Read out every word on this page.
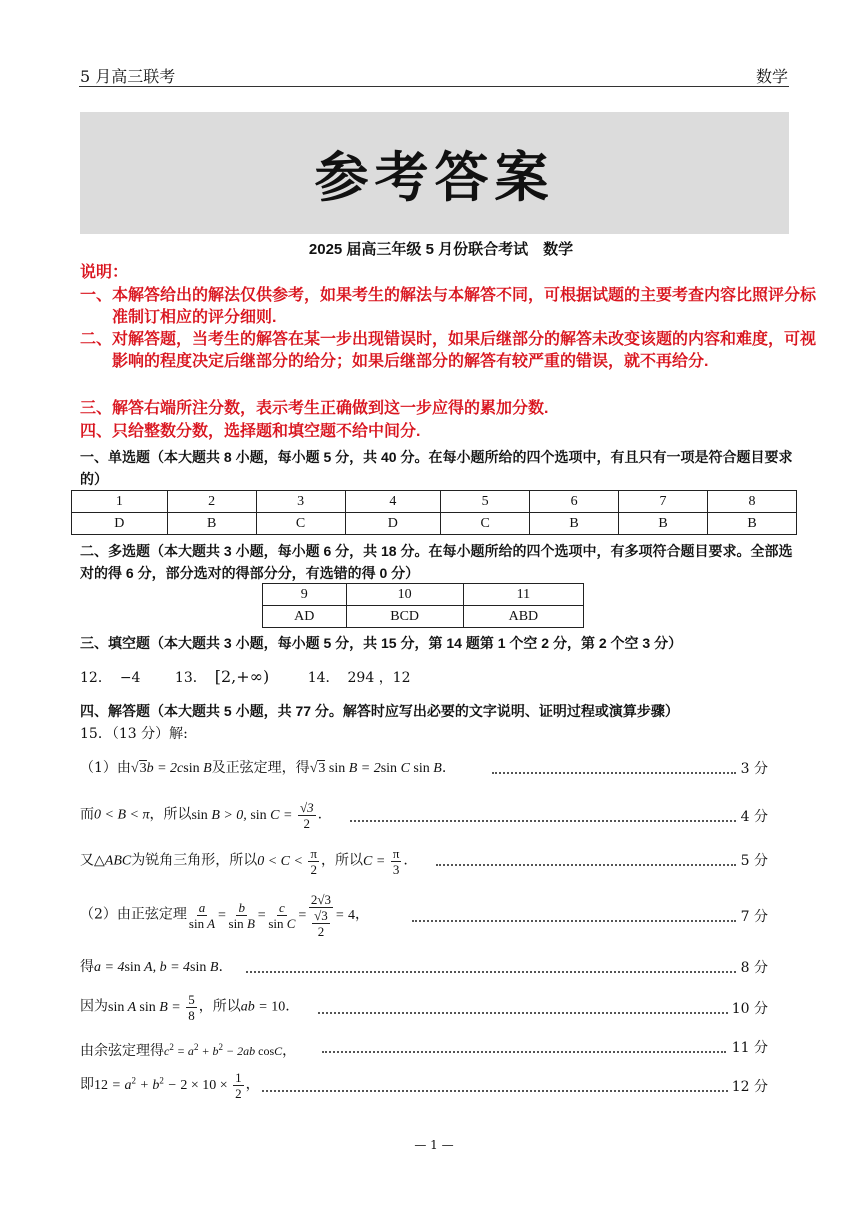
5 月高三联考	数学
参考答案
2025 届高三年级 5 月份联合考试　数学
说明：
一、本解答给出的解法仅供参考，如果考生的解法与本解答不同，可根据试题的主要考查内容比照评分标准制订相应的评分细则.
二、对解答题，当考生的解答在某一步出现错误时，如果后继部分的解答未改变该题的内容和难度，可视影响的程度决定后继部分的给分；如果后继部分的解答有较严重的错误，就不再给分.
三、解答右端所注分数，表示考生正确做到这一步应得的累加分数.
四、只给整数分数，选择题和填空题不给中间分.
一、单选题（本大题共 8 小题，每小题 5 分，共 40 分。在每小题所给的四个选项中，有且只有一项是符合题目要求的）
1	2	3	4	5	6	7	8
D	B	C	D	C	B	B	B
二、多选题（本大题共 3 小题，每小题 6 分，共 18 分。在每小题所给的四个选项中，有多项符合题目要求。全部选对的得 6 分，部分选对的得部分分，有选错的得 0 分）
9	10	11
AD	BCD	ABD
三、填空题（本大题共 3 小题，每小题 5 分，共 15 分，第 14 题第 1 个空 2 分，第 2 个空 3 分）
12． −4 13． [2,+∞)	14． 294 ，12
四、解答题（本大题共 5 小题，共 77 分。解答时应写出必要的文字说明、证明过程或演算步骤）
15．（13 分）解:
（1）由√3b = 2csin B及正弦定理，得√3 sin B = 2sin C sin B.	3 分
而0 < B < π，所以sin B > 0, $\sin C = \frac{√3}{2}$ .	4 分
又△ABC为锐角三角形，所以$0 < C < \frac{\pi}{2}$ ，所以$C = \frac{\pi}{3}$ .	5 分
（2）由正弦定理 $\frac{a}{\text{sin A}} = \frac{b}{\text{sin B}} = \frac{c}{\text{sin C}} = \frac{2√3}{\frac{√3}{2}} = 4$，	7 分
得a = 4sin A, b = 4sin B.	8 分
因为sin A $\sin B = \frac{5}{8}$ ，所以ab = 10.	10 分
由余弦定理得$c^2 = a^2 + b^2 - 2ab$ cosC，	11 分
即$12 = a^2 + b^2 - 2 \times 10 \times \frac{1}{2}$ ，	12 分
— 1 —
